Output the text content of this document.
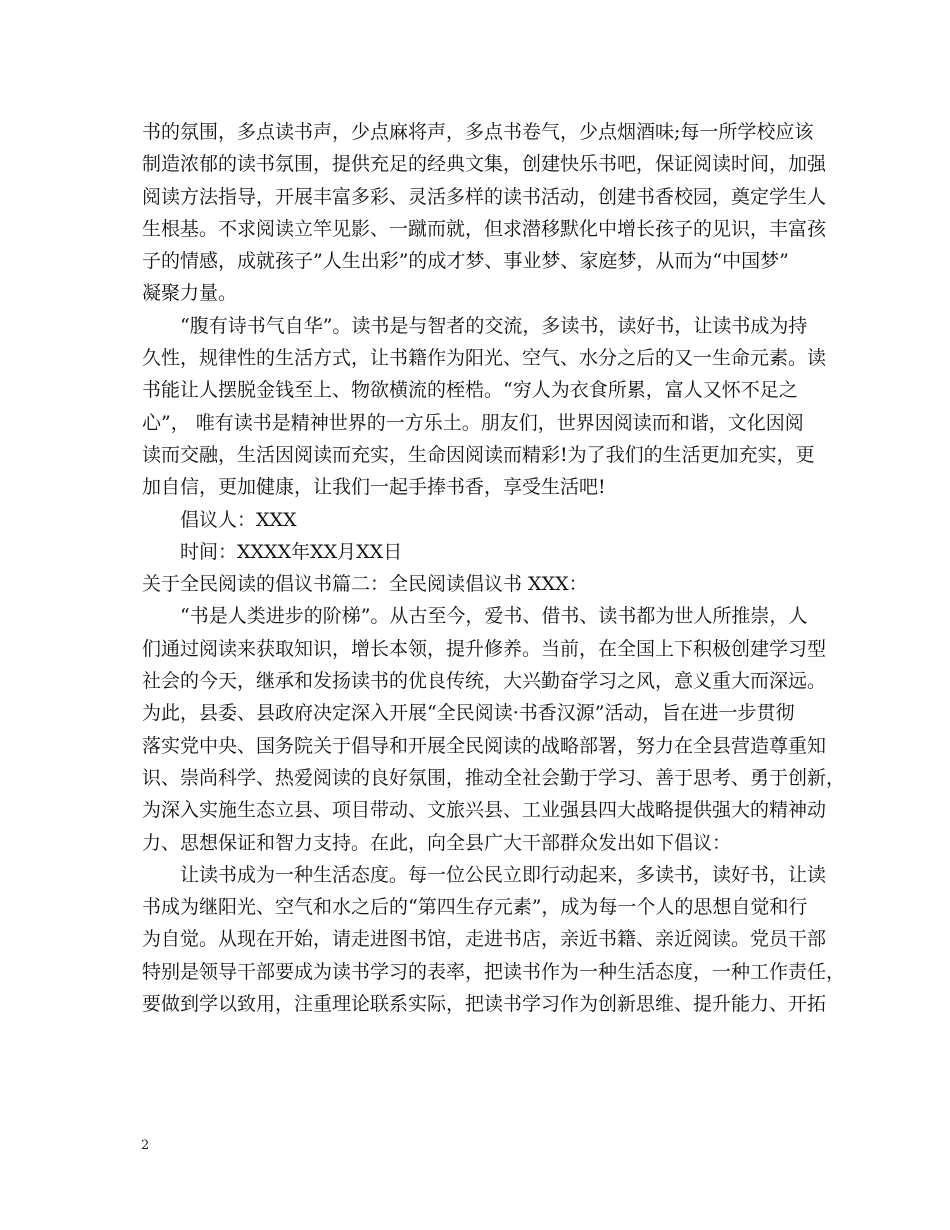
书的氛围，多点读书声，少点麻将声，多点书卷气，少点烟酒味;每一所学校应该
制造浓郁的读书氛围，提供充足的经典文集，创建快乐书吧，保证阅读时间，加强
阅读方法指导，开展丰富多彩、灵活多样的读书活动，创建书香校园，奠定学生人
生根基。不求阅读立竿见影、一蹴而就，但求潜移默化中增长孩子的见识，丰富孩
子的情感，成就孩子”人生出彩”的成才梦、事业梦、家庭梦，从而为“中国梦”
凝聚力量。
　　“腹有诗书气自华”。读书是与智者的交流，多读书，读好书，让读书成为持
久性，规律性的生活方式，让书籍作为阳光、空气、水分之后的又一生命元素。读
书能让人摆脱金钱至上、物欲横流的桎梏。“穷人为衣食所累，富人又怀不足之
心”， 唯有读书是精神世界的一方乐土。朋友们，世界因阅读而和谐，文化因阅
读而交融，生活因阅读而充实，生命因阅读而精彩!为了我们的生活更加充实，更
加自信，更加健康，让我们一起手捧书香，享受生活吧!
　　倡议人：XXX
　　时间：XXXX年XX月XX日
关于全民阅读的倡议书篇二：全民阅读倡议书 XXX：
　　“书是人类进步的阶梯”。从古至今，爱书、借书、读书都为世人所推崇，人
们通过阅读来获取知识，增长本领，提升修养。当前，在全国上下积极创建学习型
社会的今天，继承和发扬读书的优良传统，大兴勤奋学习之风，意义重大而深远。
为此，县委、县政府决定深入开展“全民阅读·书香汉源”活动，旨在进一步贯彻
落实党中央、国务院关于倡导和开展全民阅读的战略部署，努力在全县营造尊重知
识、崇尚科学、热爱阅读的良好氛围，推动全社会勤于学习、善于思考、勇于创新，
为深入实施生态立县、项目带动、文旅兴县、工业强县四大战略提供强大的精神动
力、思想保证和智力支持。在此，向全县广大干部群众发出如下倡议：
　　让读书成为一种生活态度。每一位公民立即行动起来，多读书，读好书，让读
书成为继阳光、空气和水之后的“第四生存元素”，成为每一个人的思想自觉和行
为自觉。从现在开始，请走进图书馆，走进书店，亲近书籍、亲近阅读。党员干部
特别是领导干部要成为读书学习的表率，把读书作为一种生活态度，一种工作责任，
要做到学以致用，注重理论联系实际，把读书学习作为创新思维、提升能力、开拓
2
